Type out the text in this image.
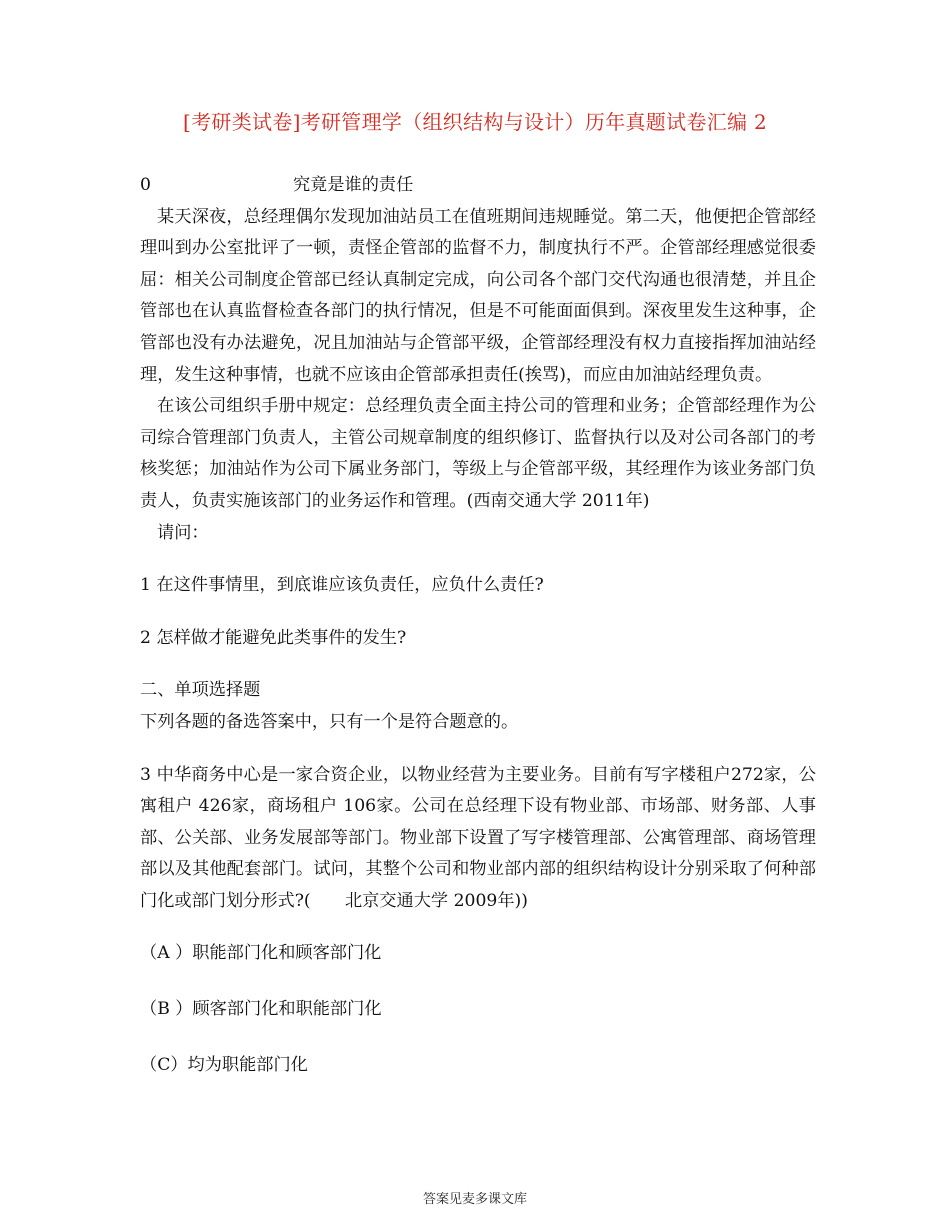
[考研类试卷]考研管理学（组织结构与设计）历年真题试卷汇编 2

0	究竟是谁的责任

某天深夜，总经理偶尔发现加油站员工在值班期间违规睡觉。第二天，他便把企管部经理叫到办公室批评了一顿，责怪企管部的监督不力，制度执行不严。企管部经理感觉很委屈：相关公司制度企管部已经认真制定完成，向公司各个部门交代沟通也很清楚，并且企管部也在认真监督检查各部门的执行情况，但是不可能面面俱到。深夜里发生这种事，企管部也没有办法避免，况且加油站与企管部平级，企管部经理没有权力直接指挥加油站经理，发生这种事情，也就不应该由企管部承担责任(挨骂)，而应由加油站经理负责。

在该公司组织手册中规定：总经理负责全面主持公司的管理和业务；企管部经理作为公司综合管理部门负责人，主管公司规章制度的组织修订、监督执行以及对公司各部门的考核奖惩；加油站作为公司下属业务部门，等级上与企管部平级，其经理作为该业务部门负责人，负责实施该部门的业务运作和管理。(西南交通大学 2011年)

请问：

1 在这件事情里，到底谁应该负责任，应负什么责任?

2 怎样做才能避免此类事件的发生?

二、单项选择题

下列各题的备选答案中，只有一个是符合题意的。

3 中华商务中心是一家合资企业，以物业经营为主要业务。目前有写字楼租户272家，公寓租户 426家，商场租户 106家。公司在总经理下设有物业部、市场部、财务部、人事部、公关部、业务发展部等部门。物业部下设置了写字楼管理部、公寓管理部、商场管理部以及其他配套部门。试问，其整个公司和物业部内部的组织结构设计分别采取了何种部门化或部门划分形式?(　　北京交通大学 2009年))

（A ）职能部门化和顾客部门化

（B ）顾客部门化和职能部门化

（C）均为职能部门化

答案见麦多课文库
